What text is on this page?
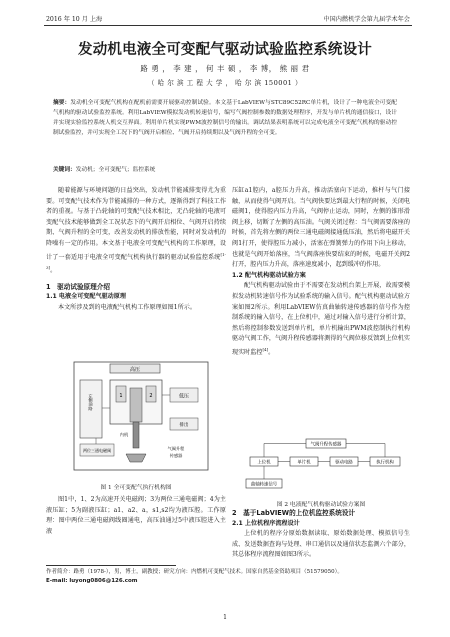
2016 年 10 月 上海	中国内燃机学会第九届学术年会
发动机电液全可变配气驱动试验监控系统设计
路 勇 ， 李 建 ， 何 丰 硕 ， 李 博， 熊 丽 君
（ 哈 尔 滨 工 程 大 学 ， 哈 尔 滨 150001 ）
摘要：发动机全可变配气机构在配机前需要开展驱动控制试验。本文基于LabVIEW与STC89C52RC单片机，设计了一种电液全可变配气机构的驱动试验监控系统。利用LabVIEW模拟发动机转速信号，编写气阀控制参数的数据处理程序，开发与单片机的通信接口，设计并实现实验监控系统人机交互界面。利用单片机实现PWM波控制信号的输出。调试结果表明系统可以完成电液全可变配气机构的驱动控制试验监控，并可实现全工况下的气阀开启相位、气阀开启持续期以及气阀升程的全可变。
关键词：发动机；全可变配气；监控系统

随着能源与环境问题的日益突出，发动机节能减排变得尤为重要。可变配气技术作为节能减排的一种方式，逐渐得到了科技工作者的重视。与基于凸轮轴的可变配气技术相比，无凸轮轴的电液可变配气技术能够做到全工况状态下的气阀开启相位、气阀开启持续期、气阀升程的全可变，改善发动机的排放性能，同时对发动机的降噪有一定的作用。本文基于电液全可变配气机构的工作原理，设计了一套适用于电液全可变配气机构执行器的驱动试验监控系统[1-3]。

1　驱动试验原理介绍

1.1 电液全可变配气驱动原理

本文所涉及到的电液配气机构工作原理如图1所示。

高压
左侧油路	1	2	低压
排出
两位三通电磁阀
内机
气阀升程
传感器
图 1 全可变配气执行机构图

图1中，1、2为高速开关电磁阀；3为两位三通电磁阀；4为主液压缸；5为副液压缸；a1、a2、a，s1,s2均为液压腔。工作原理：图中两位三通电磁阀线圈通电，高压油通过5中液压腔进入主液

压缸a1腔内，a腔压力升高，推动活塞向下运动，推杆与气门接触，从而使得气阀开启。当气阀快要达到最大行程的时候，关闭电磁阀1，使得腔内压力升高，气阀停止运动，同时，左侧的锥形滑阀上移，切断了左侧的高压油。气阀关闭过程：当气阀需要落座的时候，首先将左侧的两位三通电磁阀接通低压油，然后将电磁开关阀1打开，使得腔压力减小，活塞在弹簧弹力的作用下向上移动，也就是气阀开始落座，当气阀落座快要结束的时候，电磁开关阀2打开，腔内压力升高，落座速度减小，起到缓冲的作用。

1.2 配气机构驱动试验方案

配气机构驱动试验由于不需要在发动机台架上开展，故需要模拟发动机转速信号作为试验系统的输入信号。配气机构驱动试验方案如图2所示。利用LabVIEW仿真曲轴转速传感器的信号作为控制系统的输入信号，在上位机中，通过对输入信号进行分析计算，然后将控制参数发送到单片机，单片机输出PWM波控制执行机构驱动气阀工作，气阀升程传感器将测得的气阀位移反馈到上位机实现实时监控[4]。

气阀升程传感器
上位机	单片机	驱动电路	执行机构
曲轴转速信号
图 2 电液配气机构驱动试验方案图

2　基于LabVIEW的上位机监控系统设计

2.1 上位机程序流程设计

上位机的程序分原始数据读取、原始数据处理、模拟信号生成、发送数据查询与处理、串口通信以及通信状态监测六个部分，其总体程序流程图如图3所示。

作者简介：路勇（1978-），男，博士，副教授；研究方向：内燃机可变配气技术。国家自然基金资助项目（51579050）。
E-mail: luyong0806@126.com
1
